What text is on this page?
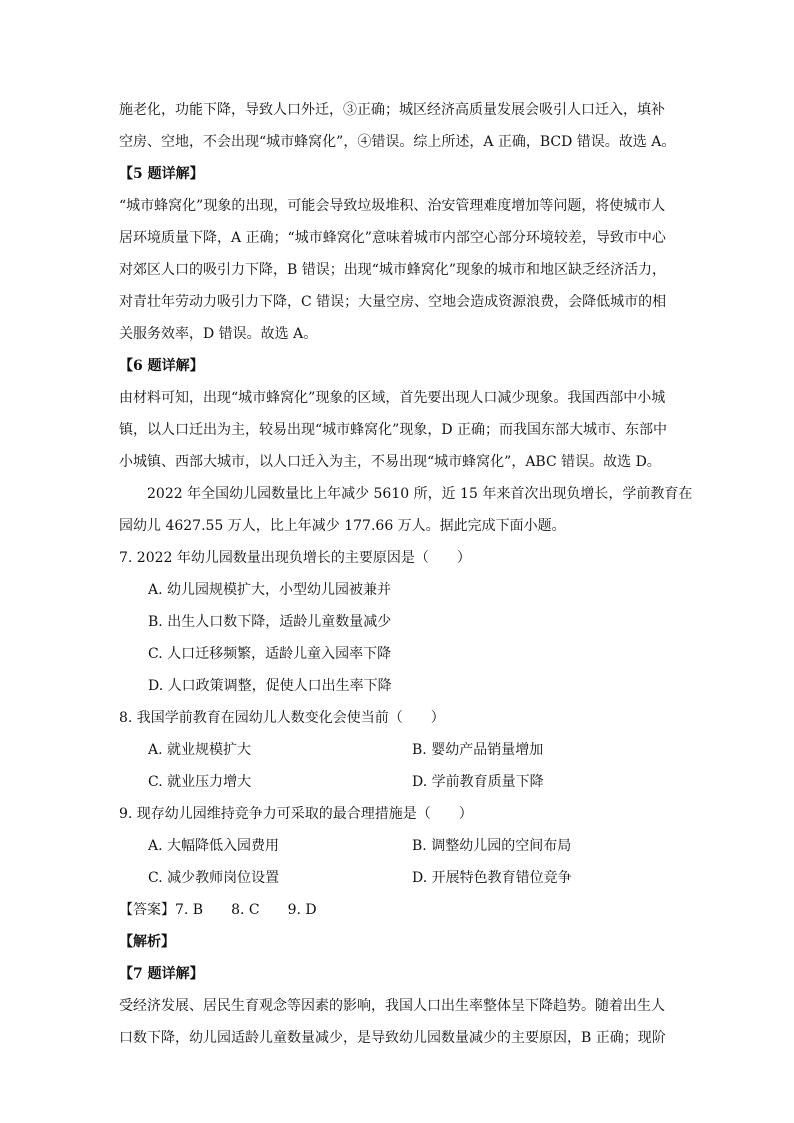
施老化，功能下降，导致人口外迁，③正确；城区经济高质量发展会吸引人口迁入，填补
空房、空地，不会出现“城市蜂窝化”，④错误。综上所述，A 正确，BCD 错误。故选 A。
【5 题详解】
“城市蜂窝化”现象的出现，可能会导致垃圾堆积、治安管理难度增加等问题，将使城市人
居环境质量下降，A 正确；“城市蜂窝化”意味着城市内部空心部分环境较差，导致市中心
对郊区人口的吸引力下降，B 错误；出现“城市蜂窝化”现象的城市和地区缺乏经济活力，
对青壮年劳动力吸引力下降，C 错误；大量空房、空地会造成资源浪费，会降低城市的相
关服务效率，D 错误。故选 A。
【6 题详解】
由材料可知，出现“城市蜂窝化”现象的区域，首先要出现人口减少现象。我国西部中小城
镇，以人口迁出为主，较易出现“城市蜂窝化”现象，D 正确；而我国东部大城市、东部中
小城镇、西部大城市，以人口迁入为主，不易出现“城市蜂窝化”，ABC 错误。故选 D。
2022 年全国幼儿园数量比上年减少 5610 所，近 15 年来首次出现负增长，学前教育在
园幼儿 4627.55 万人，比上年减少 177.66 万人。据此完成下面小题。
7. 2022 年幼儿园数量出现负增长的主要原因是（　　）
A. 幼儿园规模扩大，小型幼儿园被兼并
B. 出生人口数下降，适龄儿童数量减少
C. 人口迁移频繁，适龄儿童入园率下降
D. 人口政策调整，促使人口出生率下降
8. 我国学前教育在园幼儿人数变化会使当前（　　）
A. 就业规模扩大	B. 婴幼产品销量增加
C. 就业压力增大	D. 学前教育质量下降
9. 现存幼儿园维持竞争力可采取的最合理措施是（　　）
A. 大幅降低入园费用	B. 调整幼儿园的空间布局
C. 减少教师岗位设置	D. 开展特色教育错位竞争
【答案】7. B　　8. C　　9. D
【解析】
【7 题详解】
受经济发展、居民生育观念等因素的影响，我国人口出生率整体呈下降趋势。随着出生人
口数下降，幼儿园适龄儿童数量减少，是导致幼儿园数量减少的主要原因，B 正确；现阶
